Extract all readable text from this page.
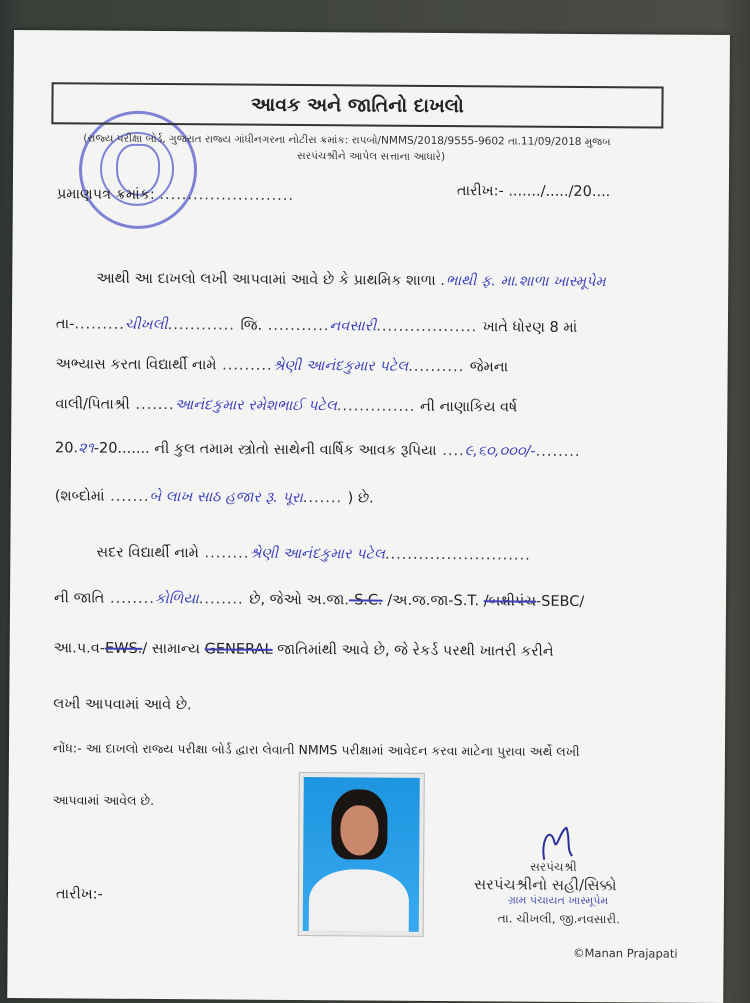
આવક અને જાતિનો દાખલો
(રાજ્ય પરીક્ષા બોર્ડ, ગુજરાત રાજ્ય ગાંધીનગરના નોટીસ ક્રમાંક: રાપબો/NMMS/2018/9555-9602 તા.11/09/2018 મુજબ
સરપંચશ્રીને આપેલ સત્તાના આધારે)
પ્રમાણપત્ર ક્રમાંક: ........................	તારીખ:- ......./...../20....
આથી આ દાખલો લખી આપવામાં આવે છે કે પ્રાથમિક શાળા .ભાથી ફ. મા.શાળા ખાસ્મૂપેમ
તા-.........ચીખલી............ જિ. ...........નવસારી.................. ખાતે ધોરણ 8 માં
અભ્યાસ કરતા વિદ્યાર્થી નામે .........શ્રેણી આનંદકુમાર પટેલ.......... જેમના
વાલી/પિતાશ્રી .......આનંદકુમાર રમેશભાઈ પટેલ.............. ની નાણાકિય વર્ષ
20.૨૧-20....... ની કુલ તમામ સ્ત્રોતો સાથેની વાર્ષિક આવક રૂપિયા ....૯,૬૦,૦૦૦/-........
(શબ્દોમાં .......બે લાખ સાઠ હજાર રૂ. પૂરા....... ) છે.
સદર વિદ્યાર્થી નામે ........શ્રેણી આનંદકુમાર પટેલ..........................
ની જાતિ ........કોળિયા........ છે, જેઓ અ.જા.-S.C. /અ.જ.જા-S.T. /બક્ષીપંચ-SEBC/
આ.પ.વ-EWS./ સામાન્ય GENERAL જાતિમાંથી આવે છે, જે રેકર્ડ પરથી ખાતરી કરીને
લખી આપવામાં આવે છે.
નોંધ:- આ દાખલો રાજ્ય પરીક્ષા બોર્ડ દ્વારા લેવાતી NMMS પરીક્ષામાં આવેદન કરવા માટેના પુરાવા અર્થે લખી
આપવામાં આવેલ છે.
તારીખ:-
સરપંચશ્રી
સરપંચશ્રીનો સહી/સિક્કો
ગ્રામ પંચાયત ખાસ્મૂપેમ
તા. ચીખલી, જી.નવસારી.
©Manan Prajapati
